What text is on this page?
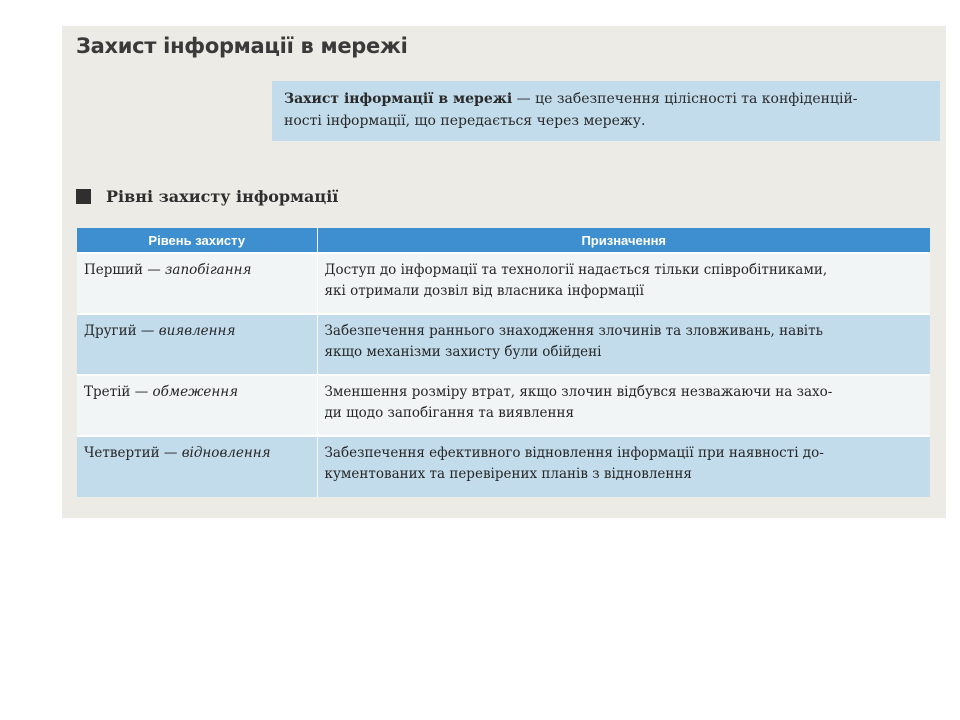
Захист інформації в мережі

Захист інформації в мережі — це забезпечення цілісності та конфіденцій-

ності інформації, що передається через мережу.

Рівні захисту інформації
Рівень захисту	Призначення
Перший — запобігання	Доступ до інформації та технології надається тільки співробітниками,
які отримали дозвіл від власника інформації

Другий — виявлення	Забезпечення раннього знаходження злочинів та зловживань, навіть
якщо механізми захисту були обійдені

Третій — обмеження	Зменшення розміру втрат, якщо злочин відбувся незважаючи на захо-
ди щодо запобігання та виявлення

Четвертий — відновлення	Забезпечення ефективного відновлення інформації при наявності до-
кументованих та перевірених планів з відновлення
